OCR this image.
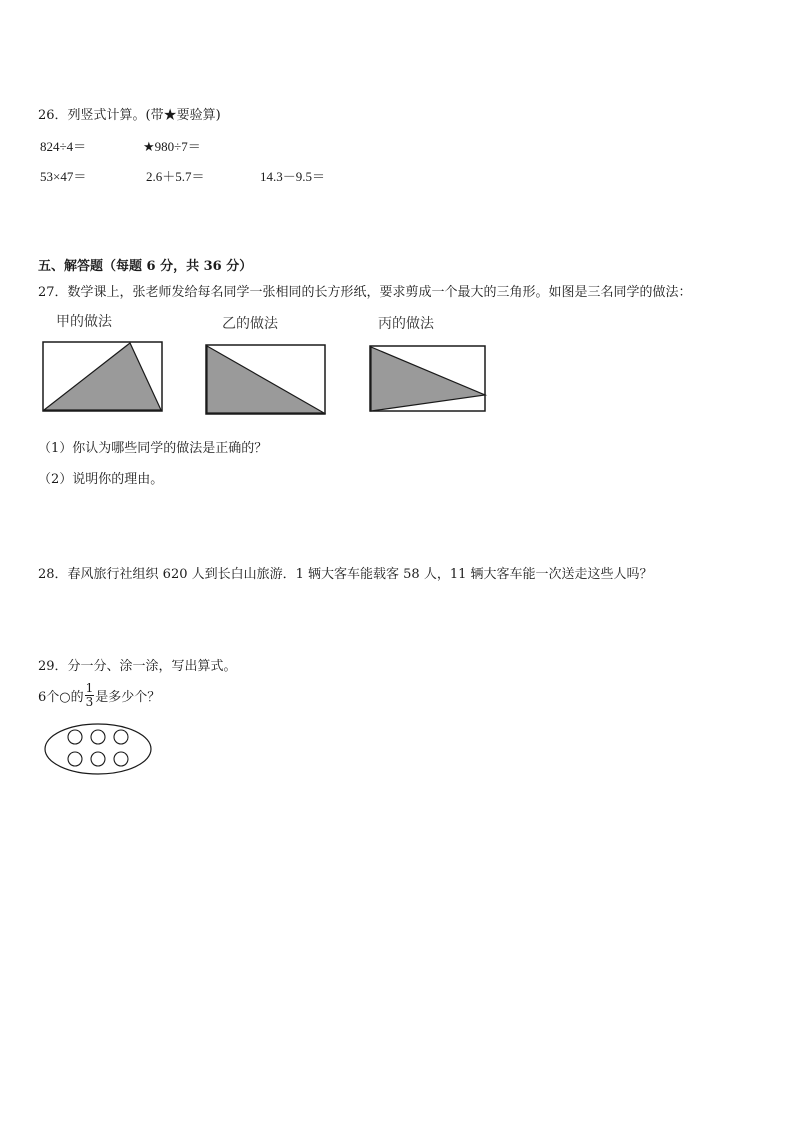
26．列竖式计算。(带★要验算)
824÷4＝	★980÷7＝
53×47＝	2.6＋5.7＝	14.3－9.5＝
五、解答题（每题 6 分，共 36 分）
27．数学课上，张老师发给每名同学一张相同的长方形纸，要求剪成一个最大的三角形。如图是三名同学的做法：
甲的做法	乙的做法	丙的做法
（1）你认为哪些同学的做法是正确的？
（2）说明你的理由。
28．春风旅行社组织 620 人到长白山旅游．1 辆大客车能载客 58 人，11 辆大客车能一次送走这些人吗？
29．分一分、涂一涂，写出算式。
6个○的 $\frac{1}{3}$ 是多少个？
